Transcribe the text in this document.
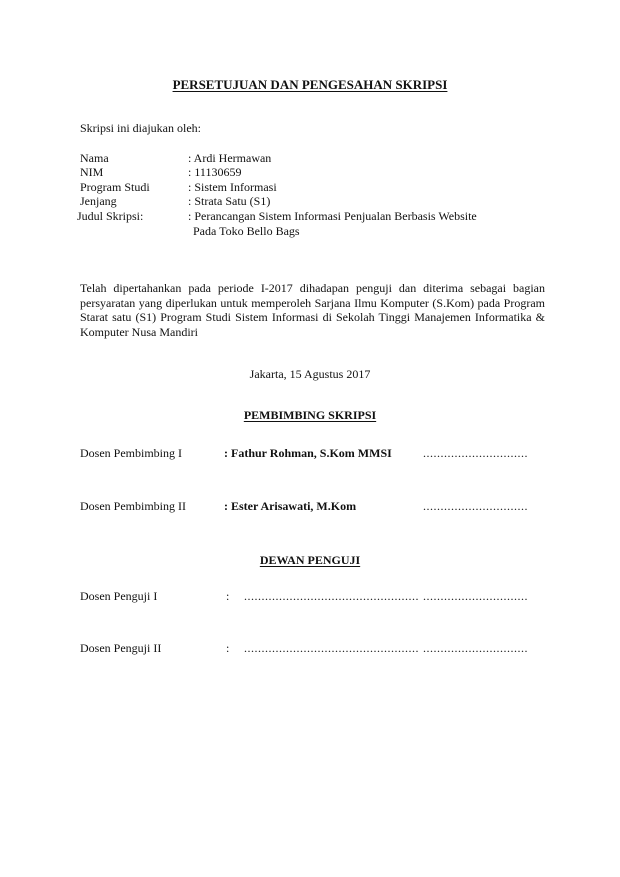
PERSETUJUAN DAN PENGESAHAN SKRIPSI
Skripsi ini diajukan oleh:
Nama	: Ardi Hermawan
NIM	: 11130659
Program Studi	: Sistem Informasi
Jenjang	: Strata Satu (S1)
Judul Skripsi:	: Perancangan Sistem Informasi Penjualan Berbasis Website
Pada Toko Bello Bags
Telah dipertahankan pada periode I-2017 dihadapan penguji dan diterima sebagai bagian persyaratan yang diperlukan untuk memperoleh Sarjana Ilmu Komputer (S.Kom) pada Program Starat satu (S1) Program Studi Sistem Informasi di Sekolah Tinggi Manajemen Informatika & Komputer Nusa Mandiri
Jakarta, 15 Agustus 2017
PEMBIMBING SKRIPSI
Dosen Pembimbing I	: Fathur Rohman, S.Kom MMSI	..............................
Dosen Pembimbing II	: Ester Arisawati, M.Kom	..............................
DEWAN PENGUJI
Dosen Penguji I	: .................................................. ..............................
Dosen Penguji II	: .................................................. ..............................
